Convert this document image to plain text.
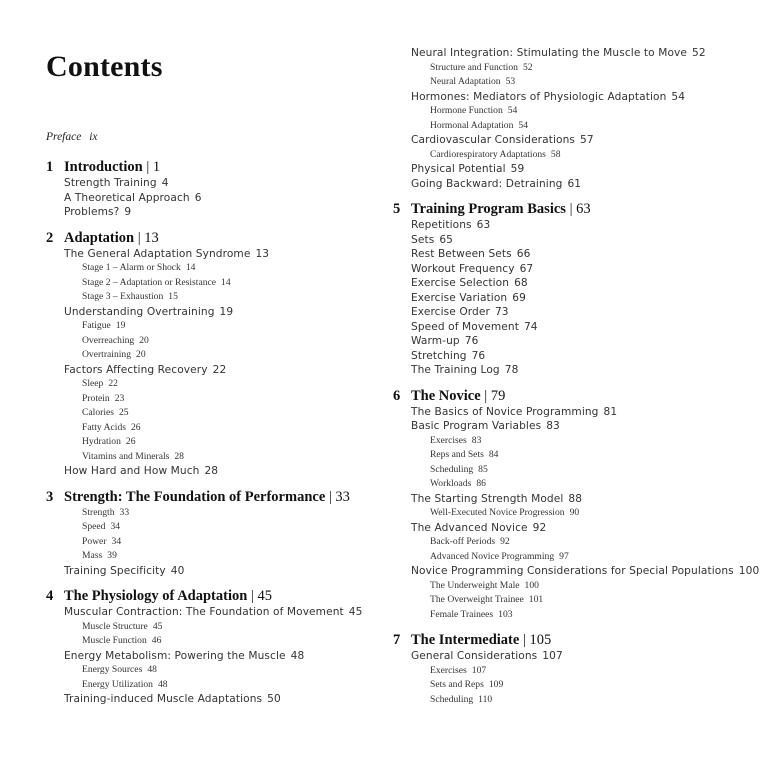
Contents
Preface ix
1 Introduction | 1
Strength Training 4
A Theoretical Approach 6
Problems? 9
2 Adaptation | 13
The General Adaptation Syndrome 13
Stage 1 – Alarm or Shock 14
Stage 2 – Adaptation or Resistance 14
Stage 3 – Exhaustion 15
Understanding Overtraining 19
Fatigue 19
Overreaching 20
Overtraining 20
Factors Affecting Recovery 22
Sleep 22
Protein 23
Calories 25
Fatty Acids 26
Hydration 26
Vitamins and Minerals 28
How Hard and How Much 28
3 Strength: The Foundation of Performance | 33
Strength 33
Speed 34
Power 34
Mass 39
Training Specificity 40
4 The Physiology of Adaptation | 45
Muscular Contraction: The Foundation of Movement 45
Muscle Structure 45
Muscle Function 46
Energy Metabolism: Powering the Muscle 48
Energy Sources 48
Energy Utilization 48
Training-induced Muscle Adaptations 50
Neural Integration: Stimulating the Muscle to Move 52
Structure and Function 52
Neural Adaptation 53
Hormones: Mediators of Physiologic Adaptation 54
Hormone Function 54
Hormonal Adaptation 54
Cardiovascular Considerations 57
Cardiorespiratory Adaptations 58
Physical Potential 59
Going Backward: Detraining 61
5 Training Program Basics | 63
Repetitions 63
Sets 65
Rest Between Sets 66
Workout Frequency 67
Exercise Selection 68
Exercise Variation 69
Exercise Order 73
Speed of Movement 74
Warm-up 76
Stretching 76
The Training Log 78
6 The Novice | 79
The Basics of Novice Programming 81
Basic Program Variables 83
Exercises 83
Reps and Sets 84
Scheduling 85
Workloads 86
The Starting Strength Model 88
Well-Executed Novice Progression 90
The Advanced Novice 92
Back-off Periods 92
Advanced Novice Programming 97
Novice Programming Considerations for Special Populations 100
The Underweight Male 100
The Overweight Trainee 101
Female Trainees 103
7 The Intermediate | 105
General Considerations 107
Exercises 107
Sets and Reps 109
Scheduling 110
